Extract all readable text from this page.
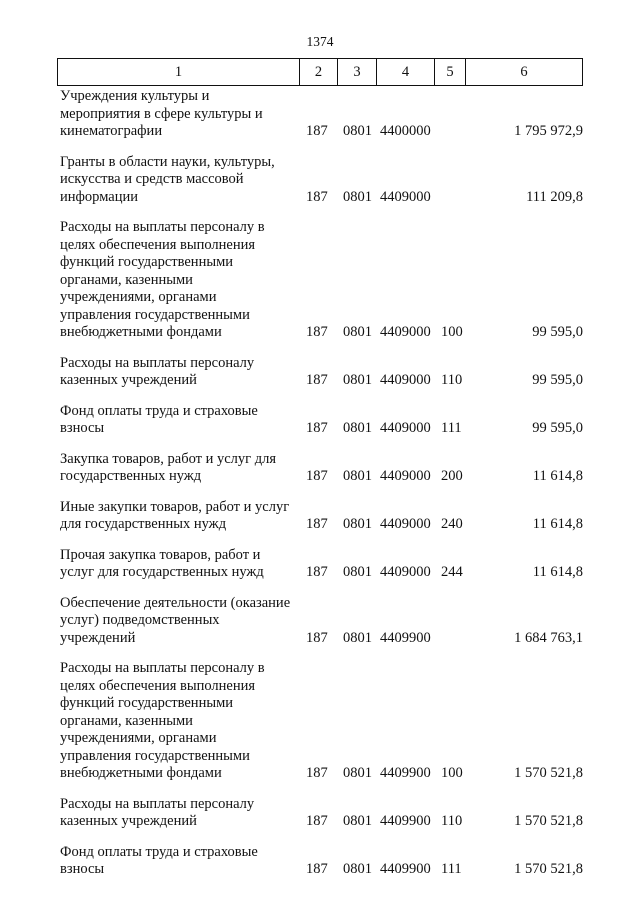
1374
1	2	3	4	5	6
Учреждения культуры и
мероприятия в сфере культуры и
кинематографии	187 0801 4400000	1 795 972,9
Гранты в области науки, культуры,
искусства и средств массовой
информации	187 0801 4409000	111 209,8
Расходы на выплаты персоналу в
целях обеспечения выполнения
функций государственными
органами, казенными
учреждениями, органами
управления государственными
внебюджетными фондами	187 0801 4409000 100	99 595,0
Расходы на выплаты персоналу
казенных учреждений	187 0801 4409000 110	99 595,0
Фонд оплаты труда и страховые
взносы	187 0801 4409000 111	99 595,0
Закупка товаров, работ и услуг для
государственных нужд	187 0801 4409000 200	11 614,8
Иные закупки товаров, работ и услуг
для государственных нужд	187 0801 4409000 240	11 614,8
Прочая закупка товаров, работ и
услуг для государственных нужд	187 0801 4409000 244	11 614,8
Обеспечение деятельности (оказание
услуг) подведомственных
учреждений	187 0801 4409900	1 684 763,1
Расходы на выплаты персоналу в
целях обеспечения выполнения
функций государственными
органами, казенными
учреждениями, органами
управления государственными
внебюджетными фондами	187 0801 4409900 100	1 570 521,8
Расходы на выплаты персоналу
казенных учреждений	187 0801 4409900 110	1 570 521,8
Фонд оплаты труда и страховые
взносы	187 0801 4409900 111	1 570 521,8
